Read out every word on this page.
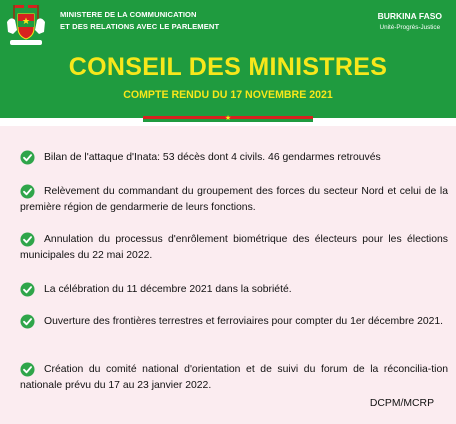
MINISTERE DE LA COMMUNICATION
ET DES RELATIONS AVEC LE PARLEMENT
BURKINA FASO
Unité-Progrès-Justice
CONSEIL DES MINISTRES
COMPTE RENDU DU 17 NOVEMBRE 2021
★
Bilan de l'attaque d'Inata: 53 décès dont 4 civils. 46 gendarmes retrouvés
Relèvement du commandant du groupement des forces du secteur Nord et celui de la première région de gendarmerie de leurs fonctions.
Annulation du processus d'enrôlement biométrique des électeurs pour les élections municipales du 22 mai 2022.
La célébration du 11 décembre 2021 dans la sobriété.
Ouverture des frontières terrestres et ferroviaires pour compter du 1er décembre 2021.
Création du comité national d'orientation et de suivi du forum de la réconcilia-tion nationale prévu du 17 au 23 janvier 2022.
DCPM/MCRP
